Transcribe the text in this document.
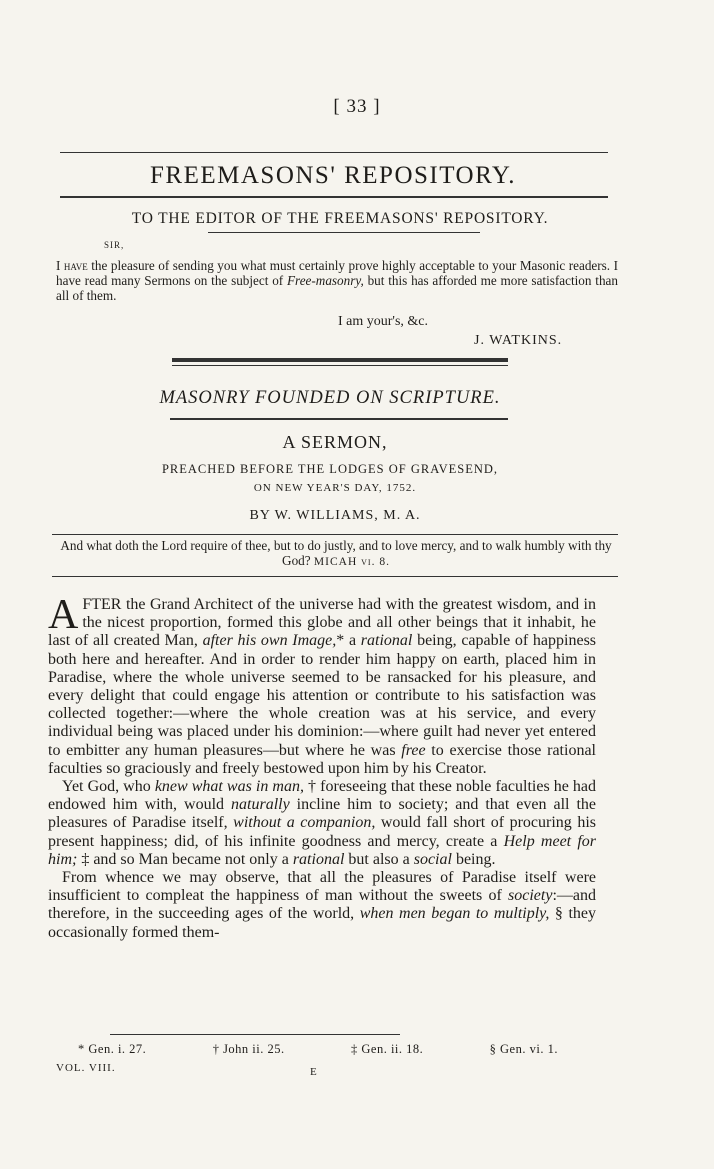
[ 33 ]
FREEMASONS' REPOSITORY.
TO THE EDITOR OF THE FREEMASONS' REPOSITORY.
SIR,
I have the pleasure of sending you what must certainly prove highly acceptable to your Masonic readers. I have read many Sermons on the subject of Free-masonry, but this has afforded me more satisfaction than all of them.
I am your's, &c.
J. WATKINS.
MASONRY FOUNDED ON SCRIPTURE.
A SERMON,
PREACHED BEFORE THE LODGES OF GRAVESEND,
ON NEW YEAR'S DAY, 1752.
BY W. WILLIAMS, M. A.
And what doth the Lord require of thee, but to do justly, and to love mercy, and to walk humbly with thy God? MICAH vi. 8.

AFTER the Grand Architect of the universe had with the greatest wisdom, and in the nicest proportion, formed this globe and all other beings that it inhabit, he last of all created Man, after his own Image,* a rational being, capable of happiness both here and hereafter. And in order to render him happy on earth, placed him in Paradise, where the whole universe seemed to be ransacked for his pleasure, and every delight that could engage his attention or contribute to his satisfaction was collected together:—where the whole creation was at his service, and every individual being was placed under his dominion:—where guilt had never yet entered to embitter any human pleasures—but where he was free to exercise those rational faculties so graciously and freely bestowed upon him by his Creator.

Yet God, who knew what was in man, † foreseeing that these noble faculties he had endowed him with, would naturally incline him to society; and that even all the pleasures of Paradise itself, without a companion, would fall short of procuring his present happiness; did, of his infinite goodness and mercy, create a Help meet for him; ‡ and so Man became not only a rational but also a social being.

From whence we may observe, that all the pleasures of Paradise itself were insufficient to compleat the happiness of man without the sweets of society:—and therefore, in the succeeding ages of the world, when men began to multiply, § they occasionally formed them-

* Gen. i. 27.	† John ii. 25.	‡ Gen. ii. 18.	§ Gen. vi. 1.
VOL. VIII.	E
